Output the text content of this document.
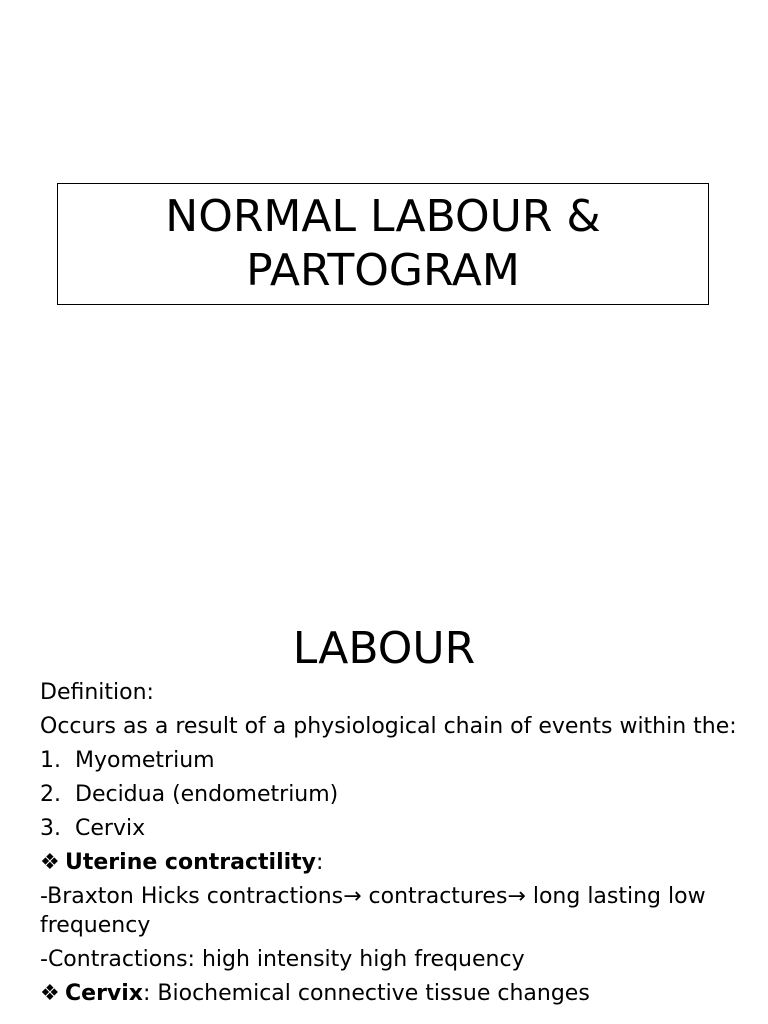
NORMAL LABOUR &
PARTOGRAM
LABOUR
Definition:
Occurs as a result of a physiological chain of events within the:
1. Myometrium
2. Decidua (endometrium)
3. Cervix
❖ Uterine contractility:
-Braxton Hicks contractions→ contractures→ long lasting low frequency
-Contractions: high intensity high frequency
❖ Cervix: Biochemical connective tissue changes
